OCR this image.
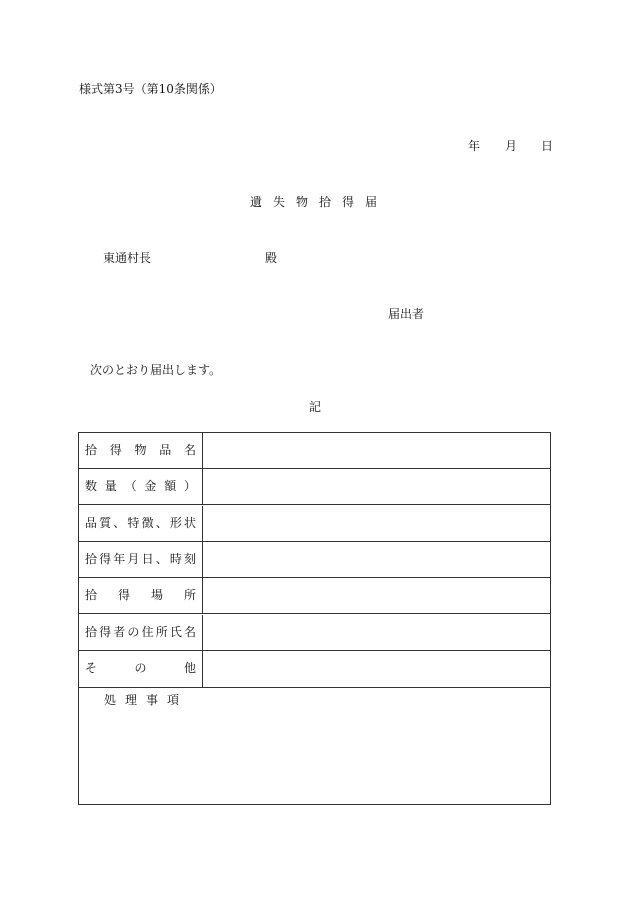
様式第3号（第10条関係）
年 月 日
遺失物拾得届
東通村長	殿
届出者
次のとおり届出します。
記
拾 得 物 品 名
数 量 （ 金 額 ）
品 質 、 特 徴 、 形 状
拾 得 年 月 日 、 時 刻
拾 得 場 所
拾 得 者 の 住 所 氏 名
そ	の	他
処理事項
